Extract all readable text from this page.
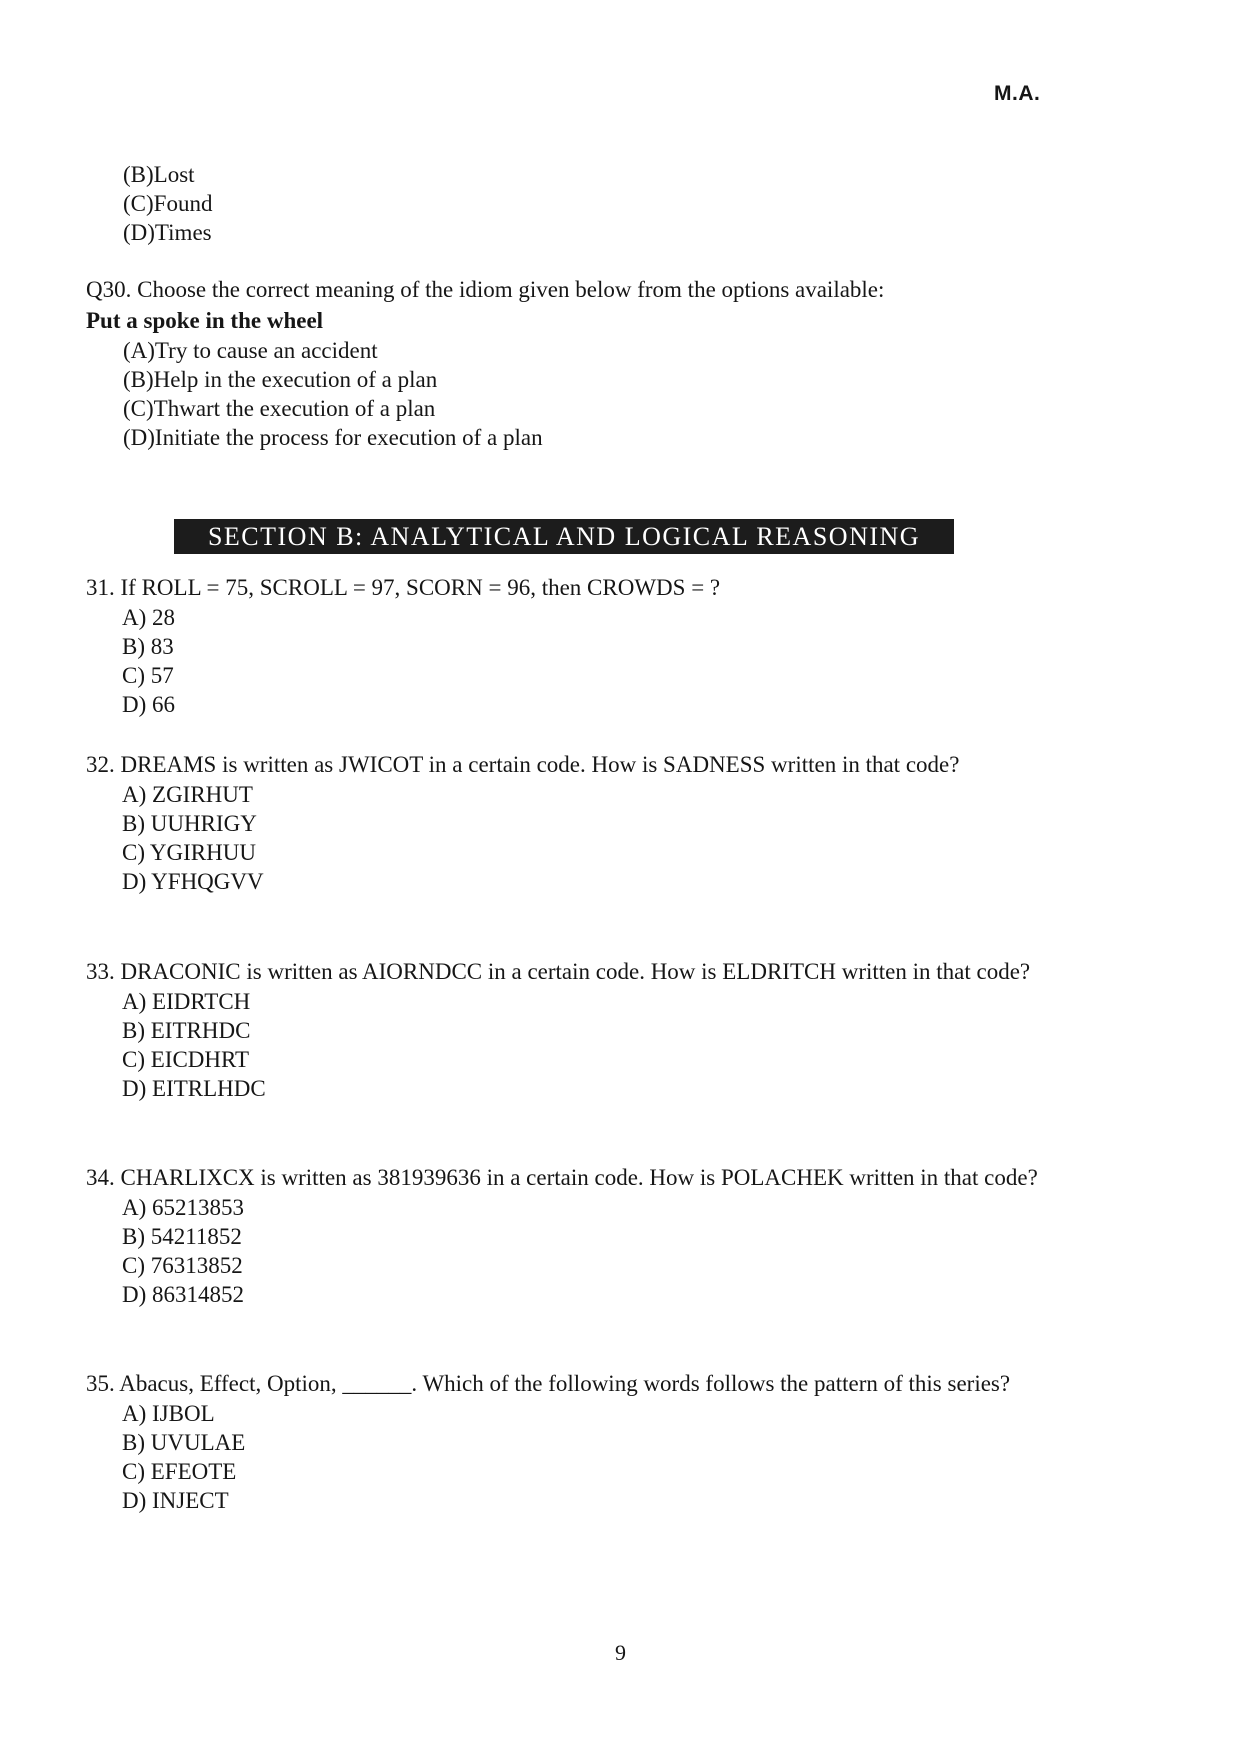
M.A.
(B)Lost
(C)Found
(D)Times

Q30. Choose the correct meaning of the idiom given below from the options available:

Put a spoke in the wheel

(A)Try to cause an accident
(B)Help in the execution of a plan
(C)Thwart the execution of a plan
(D)Initiate the process for execution of a plan
SECTION B: ANALYTICAL AND LOGICAL REASONING

31. If ROLL = 75, SCROLL = 97, SCORN = 96, then CROWDS = ?

A) 28
B) 83
C) 57
D) 66

32. DREAMS is written as JWICOT in a certain code. How is SADNESS written in that code?

A) ZGIRHUT
B) UUHRIGY
C) YGIRHUU
D) YFHQGVV

33. DRACONIC is written as AIORNDCC in a certain code. How is ELDRITCH written in that code?

A) EIDRTCH
B) EITRHDC
C) EICDHRT
D) EITRLHDC

34. CHARLIXCX is written as 381939636 in a certain code. How is POLACHEK written in that code?

A) 65213853
B) 54211852
C) 76313852
D) 86314852

35. Abacus, Effect, Option, ______. Which of the following words follows the pattern of this series?

A) IJBOL
B) UVULAE
C) EFEOTE
D) INJECT
9
